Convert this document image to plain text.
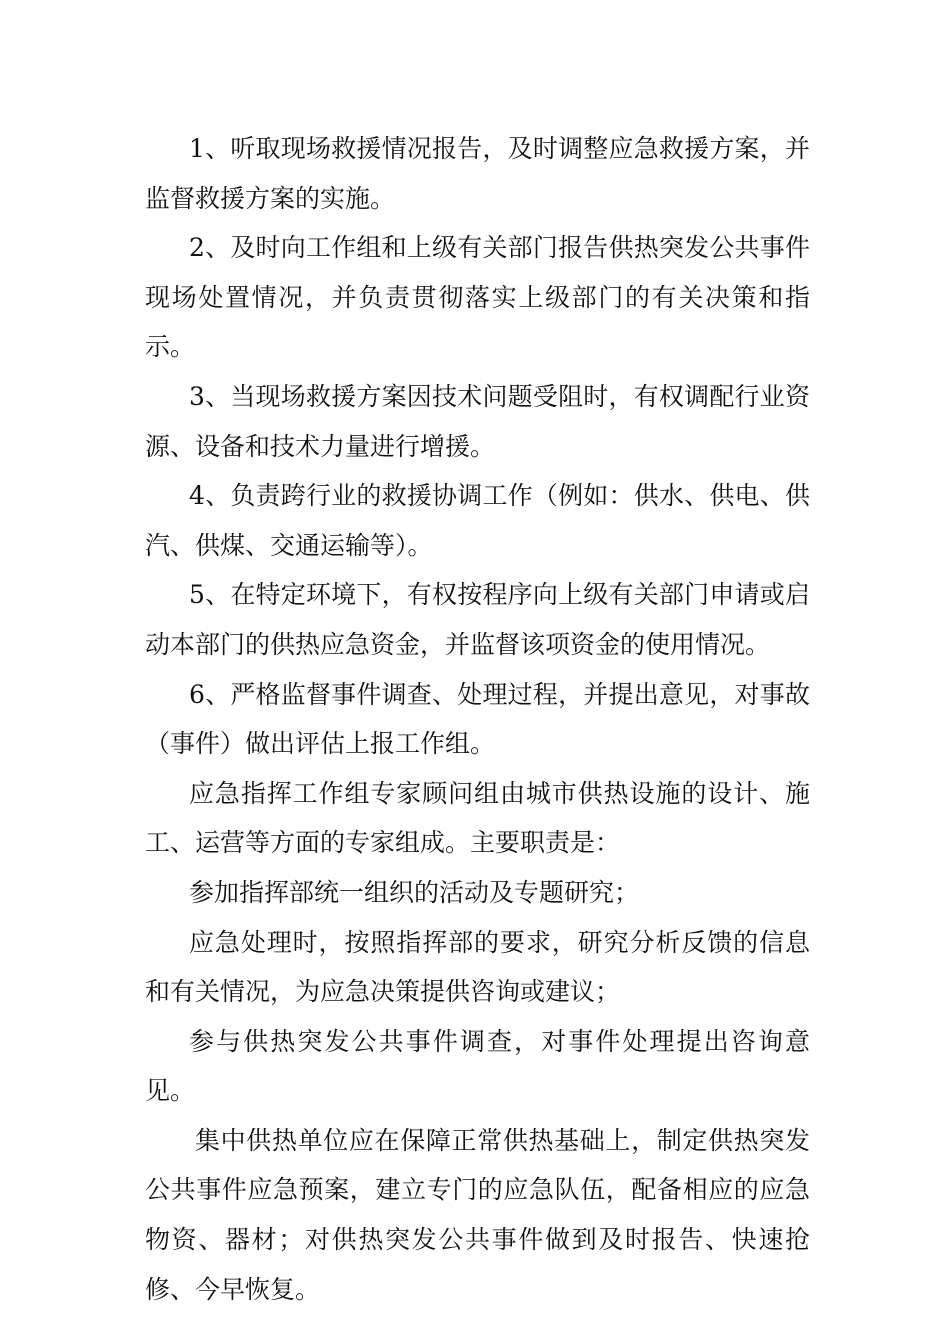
1、听取现场救援情况报告，及时调整应急救援方案，并监督救援方案的实施。

2、及时向工作组和上级有关部门报告供热突发公共事件现场处置情况，并负责贯彻落实上级部门的有关决策和指示。

3、当现场救援方案因技术问题受阻时，有权调配行业资源、设备和技术力量进行增援。

4、负责跨行业的救援协调工作（例如：供水、供电、供汽、供煤、交通运输等）。

5、在特定环境下，有权按程序向上级有关部门申请或启动本部门的供热应急资金，并监督该项资金的使用情况。

6、严格监督事件调查、处理过程，并提出意见，对事故（事件）做出评估上报工作组。

应急指挥工作组专家顾问组由城市供热设施的设计、施工、运营等方面的专家组成。主要职责是：

参加指挥部统一组织的活动及专题研究；

应急处理时，按照指挥部的要求，研究分析反馈的信息和有关情况，为应急决策提供咨询或建议；

参与供热突发公共事件调查，对事件处理提出咨询意见。

集中供热单位应在保障正常供热基础上，制定供热突发公共事件应急预案，建立专门的应急队伍，配备相应的应急物资、器材；对供热突发公共事件做到及时报告、快速抢修、今早恢复。
